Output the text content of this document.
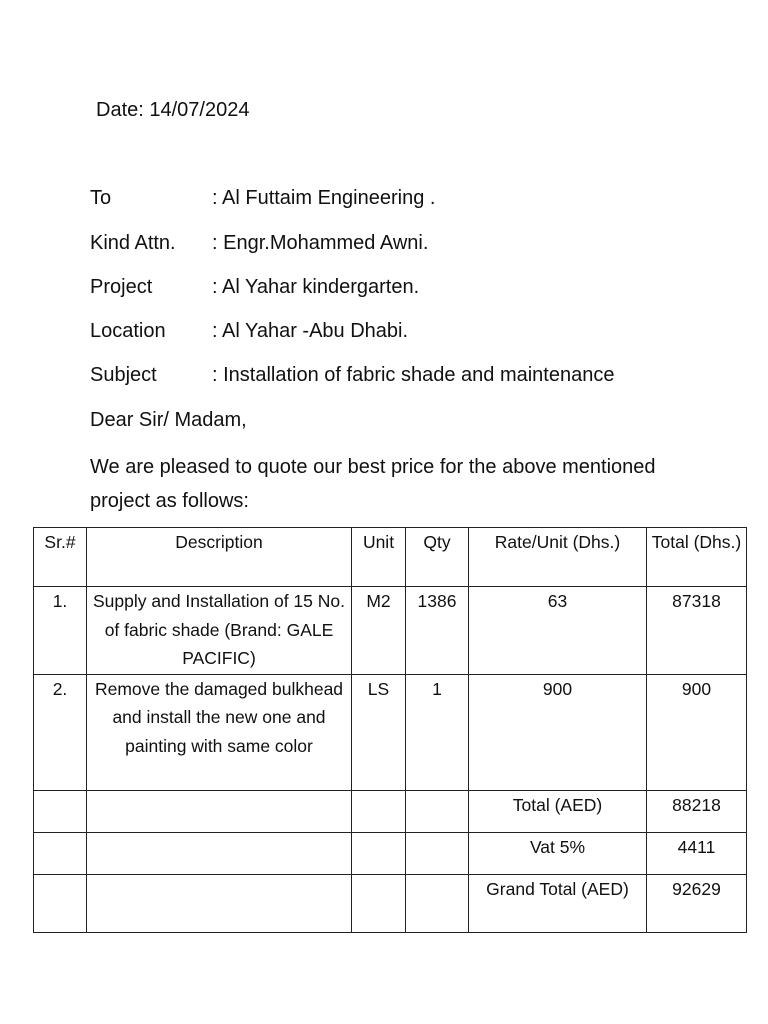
Date: 14/07/2024
To	: Al Futtaim Engineering .
Kind Attn. : Engr.Mohammed Awni.
Project	: Al Yahar kindergarten.
Location : Al Yahar -Abu Dhabi.
Subject	: Installation of fabric shade and maintenance
Dear Sir/ Madam,
We are pleased to quote our best price for the above mentioned project as follows:
Sr.#	Description	Unit	Qty	Rate/Unit (Dhs.)	Total (Dhs.)
1.	Supply and Installation of 15 No. of fabric shade (Brand: GALE PACIFIC)	M2	1386	63	87318
2.	Remove the damaged bulkhead and install the new one and painting with same color	LS	1	900	900
				Total (AED)	88218
				Vat 5%	4411
				Grand Total (AED)	92629
